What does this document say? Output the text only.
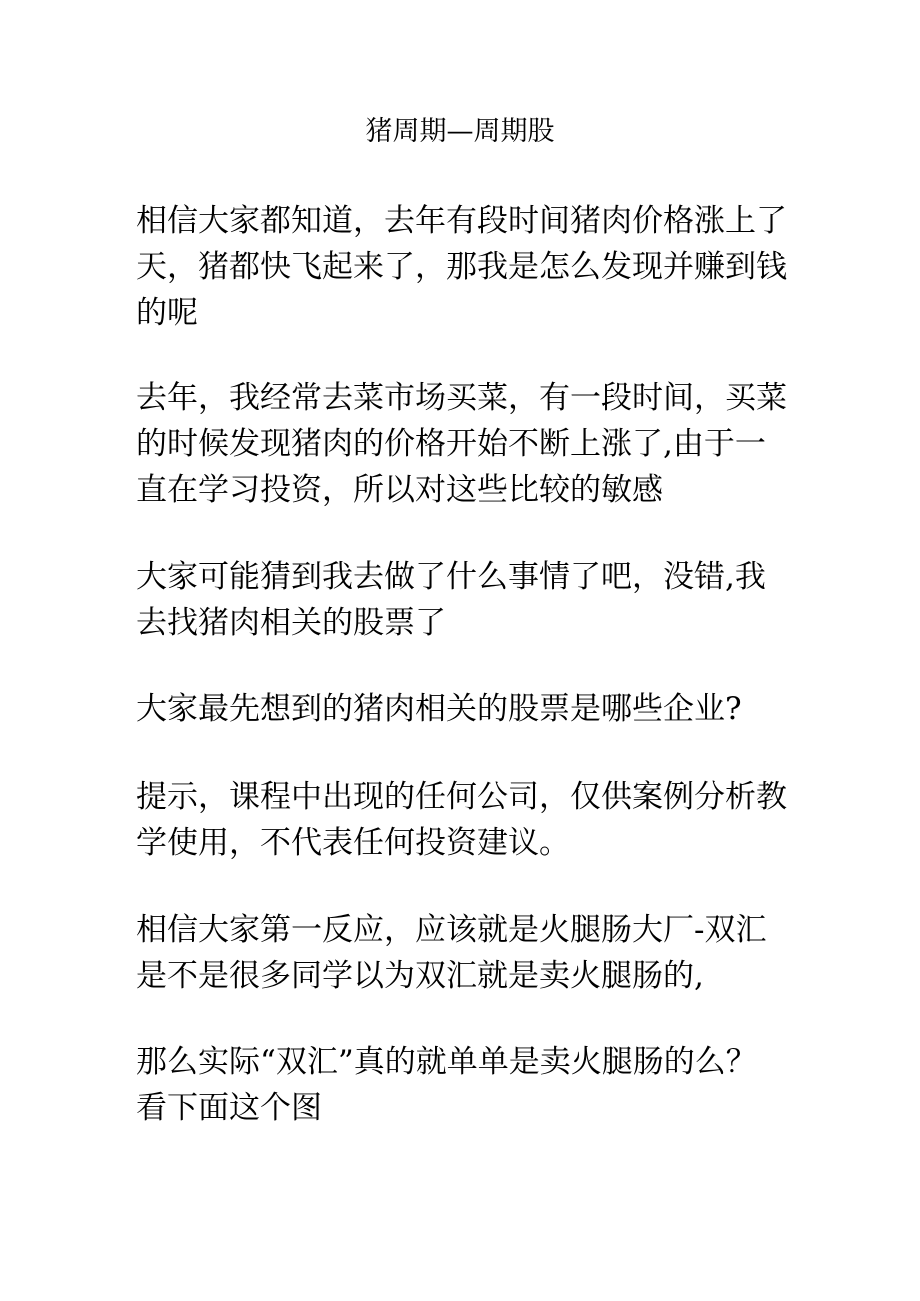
猪周期—周期股

相信大家都知道，去年有段时间猪肉价格涨上了
天，猪都快飞起来了，那我是怎么发现并赚到钱
的呢

去年，我经常去菜市场买菜，有一段时间，买菜
的时候发现猪肉的价格开始不断上涨了,由于一
直在学习投资，所以对这些比较的敏感

大家可能猜到我去做了什么事情了吧，没错,我
去找猪肉相关的股票了

大家最先想到的猪肉相关的股票是哪些企业?

提示，课程中出现的任何公司，仅供案例分析教
学使用，不代表任何投资建议。

相信大家第一反应，应该就是火腿肠大厂-双汇
是不是很多同学以为双汇就是卖火腿肠的,

那么实际“双汇”真的就单单是卖火腿肠的么？
看下面这个图
